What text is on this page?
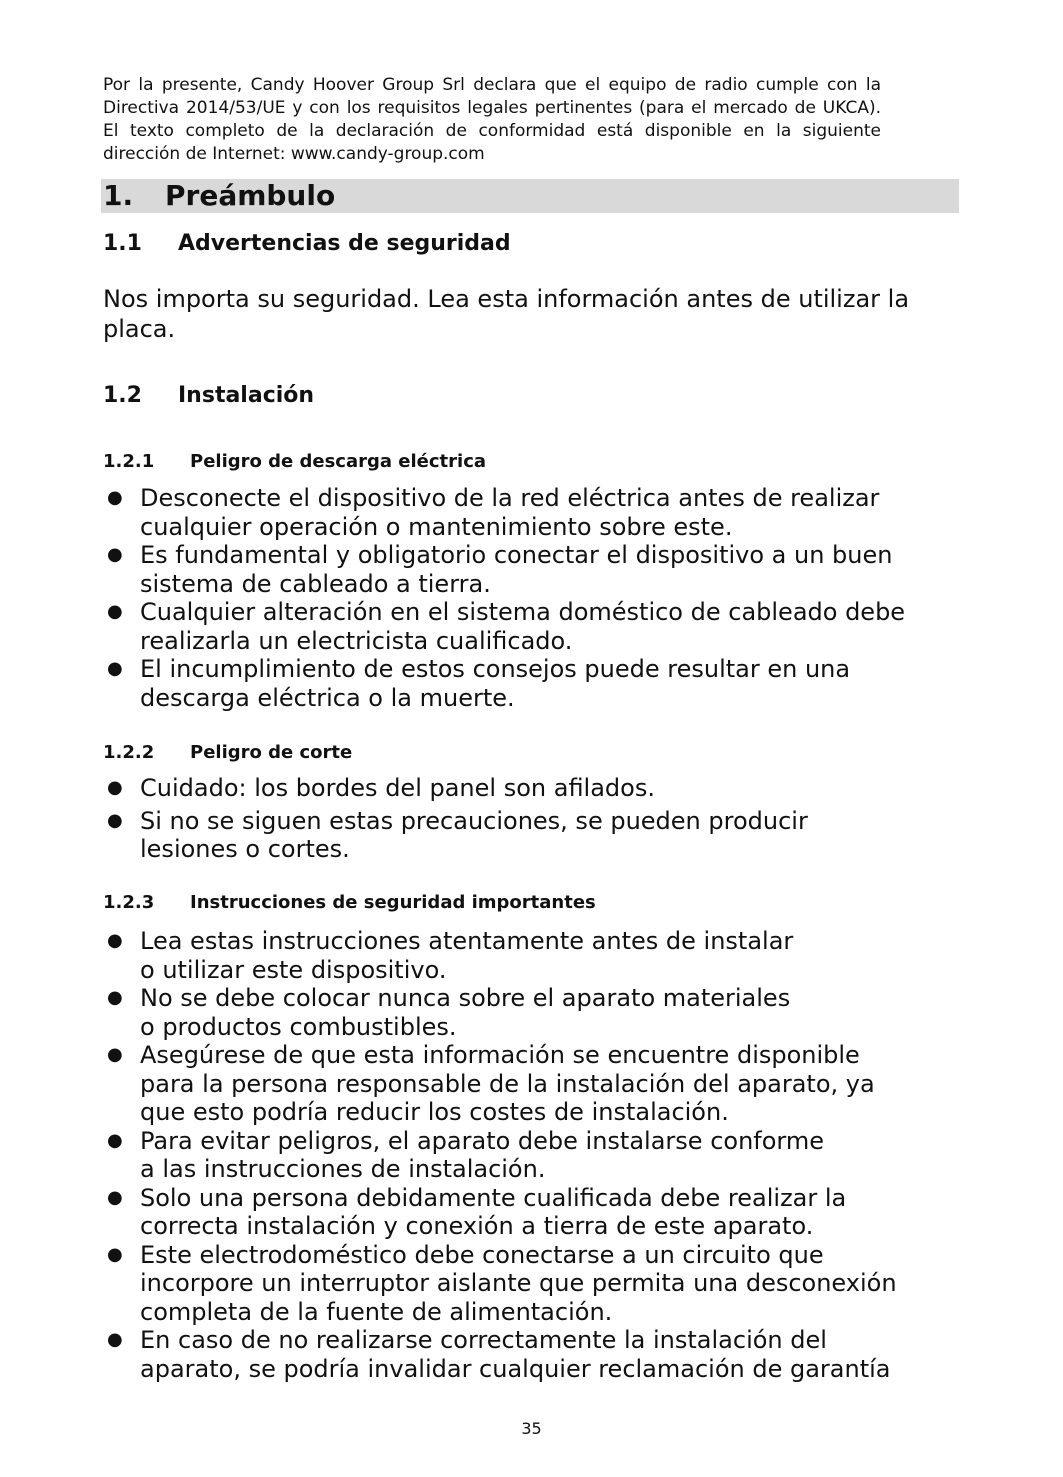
Por la presente, Candy Hoover Group Srl declara que el equipo de radio cumple con la Directiva 2014/53/UE y con los requisitos legales pertinentes (para el mercado de UKCA). El texto completo de la declaración de conformidad está disponible en la siguiente dirección de Internet: www.candy-group.com
1. Preámbulo
1.1 Advertencias de seguridad
Nos importa su seguridad. Lea esta información antes de utilizar la placa.
1.2 Instalación
1.2.1 Peligro de descarga eléctrica
● Desconecte el dispositivo de la red eléctrica antes de realizar
cualquier operación o mantenimiento sobre este.
● Es fundamental y obligatorio conectar el dispositivo a un buen
sistema de cableado a tierra.
● Cualquier alteración en el sistema doméstico de cableado debe
realizarla un electricista cualificado.
● El incumplimiento de estos consejos puede resultar en una
descarga eléctrica o la muerte.
1.2.2 Peligro de corte
● Cuidado: los bordes del panel son afilados.
● Si no se siguen estas precauciones, se pueden producir
lesiones o cortes.
1.2.3 Instrucciones de seguridad importantes
● Lea estas instrucciones atentamente antes de instalar
o utilizar este dispositivo.
● No se debe colocar nunca sobre el aparato materiales
o productos combustibles.
● Asegúrese de que esta información se encuentre disponible
para la persona responsable de la instalación del aparato, ya
que esto podría reducir los costes de instalación.
● Para evitar peligros, el aparato debe instalarse conforme
a las instrucciones de instalación.
● Solo una persona debidamente cualificada debe realizar la
correcta instalación y conexión a tierra de este aparato.
● Este electrodoméstico debe conectarse a un circuito que
incorpore un interruptor aislante que permita una desconexión
completa de la fuente de alimentación.
● En caso de no realizarse correctamente la instalación del
aparato, se podría invalidar cualquier reclamación de garantía
35
